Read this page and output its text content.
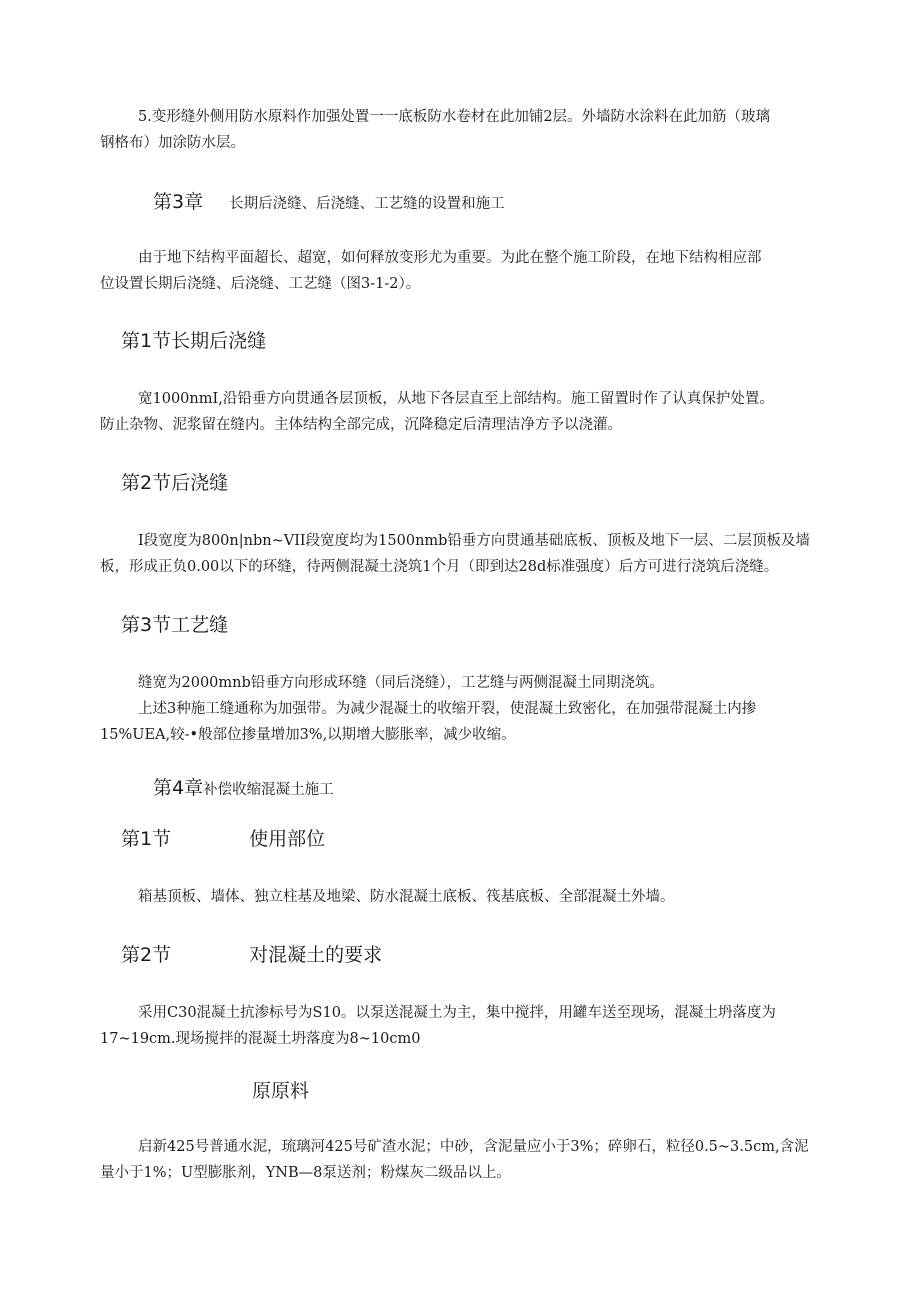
5.变形缝外侧用防水原料作加强处置一一底板防水卷材在此加铺2层。外墙防水涂料在此加筋（玻璃
钢格布）加涂防水层。
第3章 长期后浇缝、后浇缝、工艺缝的设置和施工
由于地下结构平面超长、超宽，如何释放变形尤为重要。为此在整个施工阶段，在地下结构相应部
位设置长期后浇缝、后浇缝、工艺缝（图3-1-2）。
第1节长期后浇缝
宽1000nmI,沿铅垂方向贯通各层顶板，从地下各层直至上部结构。施工留置时作了认真保护处置。
防止杂物、泥浆留在缝内。主体结构全部完成，沉降稳定后清理洁净方予以浇灌。
第2节后浇缝
I段宽度为800n|nbn~VII段宽度均为1500nmb铅垂方向贯通基础底板、顶板及地下一层、二层顶板及墙
板，形成正负0.00以下的环缝，待两侧混凝土浇筑1个月（即到达28d标准强度）后方可进行浇筑后浇缝。
第3节工艺缝
缝宽为2000mnb铅垂方向形成环缝（同后浇缝），工艺缝与两侧混凝土同期浇筑。
上述3种施工缝通称为加强带。为减少混凝土的收缩开裂，使混凝土致密化，在加强带混凝土内掺
15%UEA,较-•般部位掺量增加3%,以期增大膨胀率，减少收缩。
第4章补偿收缩混凝土施工
第1节	使用部位
箱基顶板、墙体、独立柱基及地梁、防水混凝土底板、筏基底板、全部混凝土外墙。
第2节	对混凝土的要求
采用C30混凝土抗渗标号为S10。以泵送混凝土为主，集中搅拌，用罐车送至现场，混凝土坍落度为
17~19cm.现场搅拌的混凝土坍落度为8~10cm0
原原料
启新425号普通水泥，琉璃河425号矿渣水泥；中砂，含泥量应小于3%；碎卵石，粒径0.5~3.5cm,含泥
量小于1%；U型膨胀剂，YNB—8泵送剂；粉煤灰二级品以上。
